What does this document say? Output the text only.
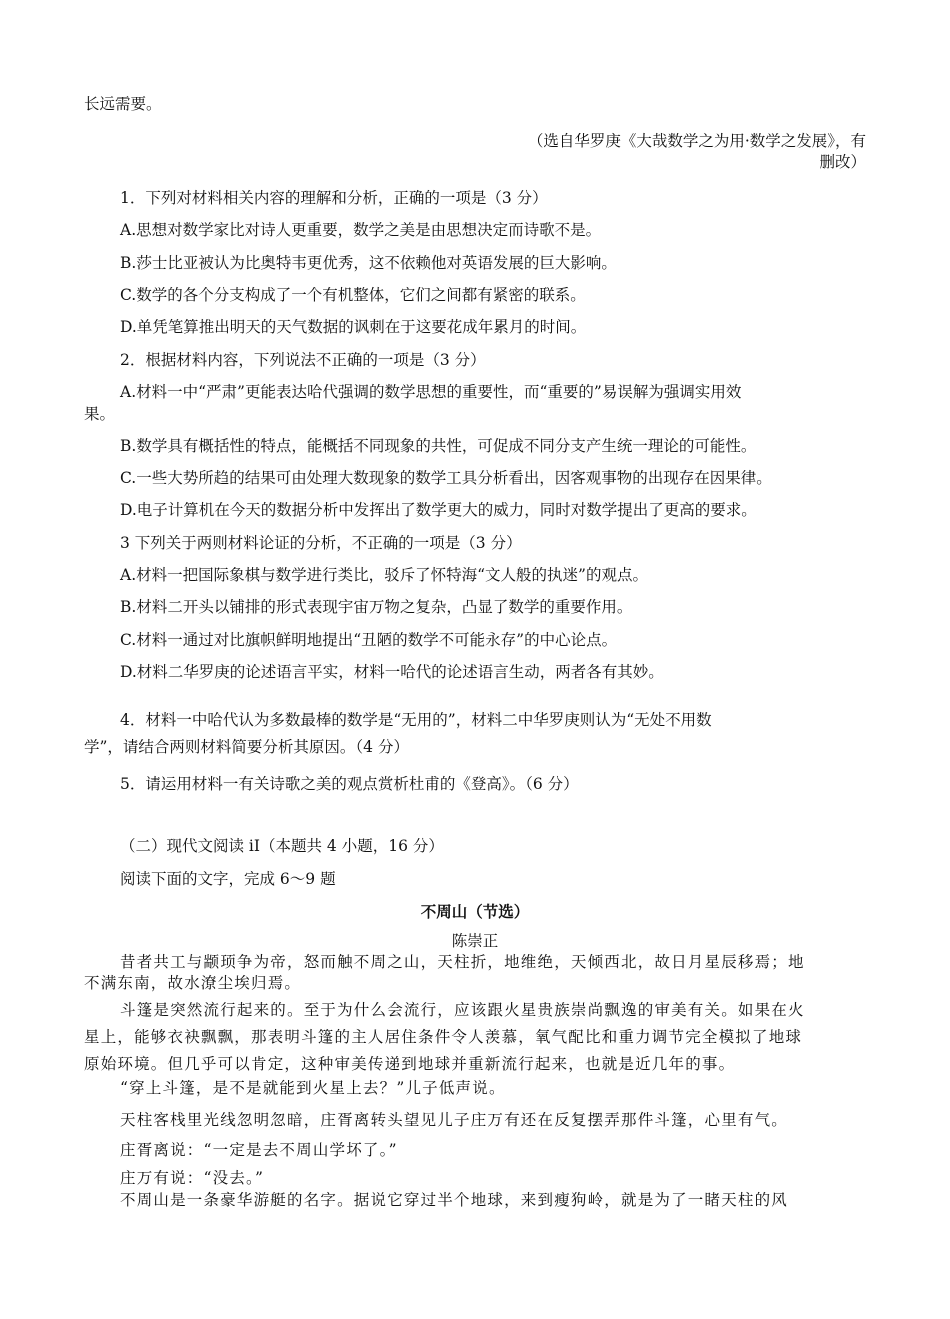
长远需要。
（选自华罗庚《大哉数学之为用·数学之发展》，有
删改）
1．下列对材料相关内容的理解和分析，正确的一项是（3 分）
A.思想对数学家比对诗人更重要，数学之美是由思想决定而诗歌不是。
B.莎士比亚被认为比奥特韦更优秀，这不依赖他对英语发展的巨大影响。
C.数学的各个分支构成了一个有机整体，它们之间都有紧密的联系。
D.单凭笔算推出明天的天气数据的讽刺在于这要花成年累月的时间。
2．根据材料内容，下列说法不正确的一项是（3 分）
A.材料一中“严肃”更能表达哈代强调的数学思想的重要性，而“重要的”易误解为强调实用效
果。
B.数学具有概括性的特点，能概括不同现象的共性，可促成不同分支产生统一理论的可能性。
C.一些大势所趋的结果可由处理大数现象的数学工具分析看出，因客观事物的出现存在因果律。
D.电子计算机在今天的数据分析中发挥出了数学更大的威力，同时对数学提出了更高的要求。
3 下列关于两则材料论证的分析，不正确的一项是（3 分）
A.材料一把国际象棋与数学进行类比，驳斥了怀特海“文人般的执迷”的观点。
B.材料二开头以铺排的形式表现宇宙万物之复杂，凸显了数学的重要作用。
C.材料一通过对比旗帜鲜明地提出“丑陋的数学不可能永存”的中心论点。
D.材料二华罗庚的论述语言平实，材料一哈代的论述语言生动，两者各有其妙。
4．材料一中哈代认为多数最棒的数学是“无用的”，材料二中华罗庚则认为“无处不用数
学”，请结合两则材料简要分析其原因。（4 分）
5．请运用材料一有关诗歌之美的观点赏析杜甫的《登高》。（6 分）
（二）现代文阅读 iI（本题共 4 小题，16 分）
阅读下面的文字，完成 6～9 题
不周山（节选）
陈崇正
昔者共工与颛顼争为帝，怒而触不周之山，天柱折，地维绝，天倾西北，故日月星辰移焉；地
不满东南，故水潦尘埃归焉。
斗篷是突然流行起来的。至于为什么会流行，应该跟火星贵族崇尚飘逸的审美有关。如果在火
星上，能够衣袂飘飘，那表明斗篷的主人居住条件令人羡慕，氧气配比和重力调节完全模拟了地球
原始环境。但几乎可以肯定，这种审美传递到地球并重新流行起来，也就是近几年的事。
“穿上斗篷，是不是就能到火星上去？”儿子低声说。
天柱客栈里光线忽明忽暗，庄胥离转头望见儿子庄万有还在反复摆弄那件斗篷，心里有气。
庄胥离说：“一定是去不周山学坏了。”
庄万有说：“没去。”
不周山是一条豪华游艇的名字。据说它穿过半个地球，来到瘦狗岭，就是为了一睹天柱的风
